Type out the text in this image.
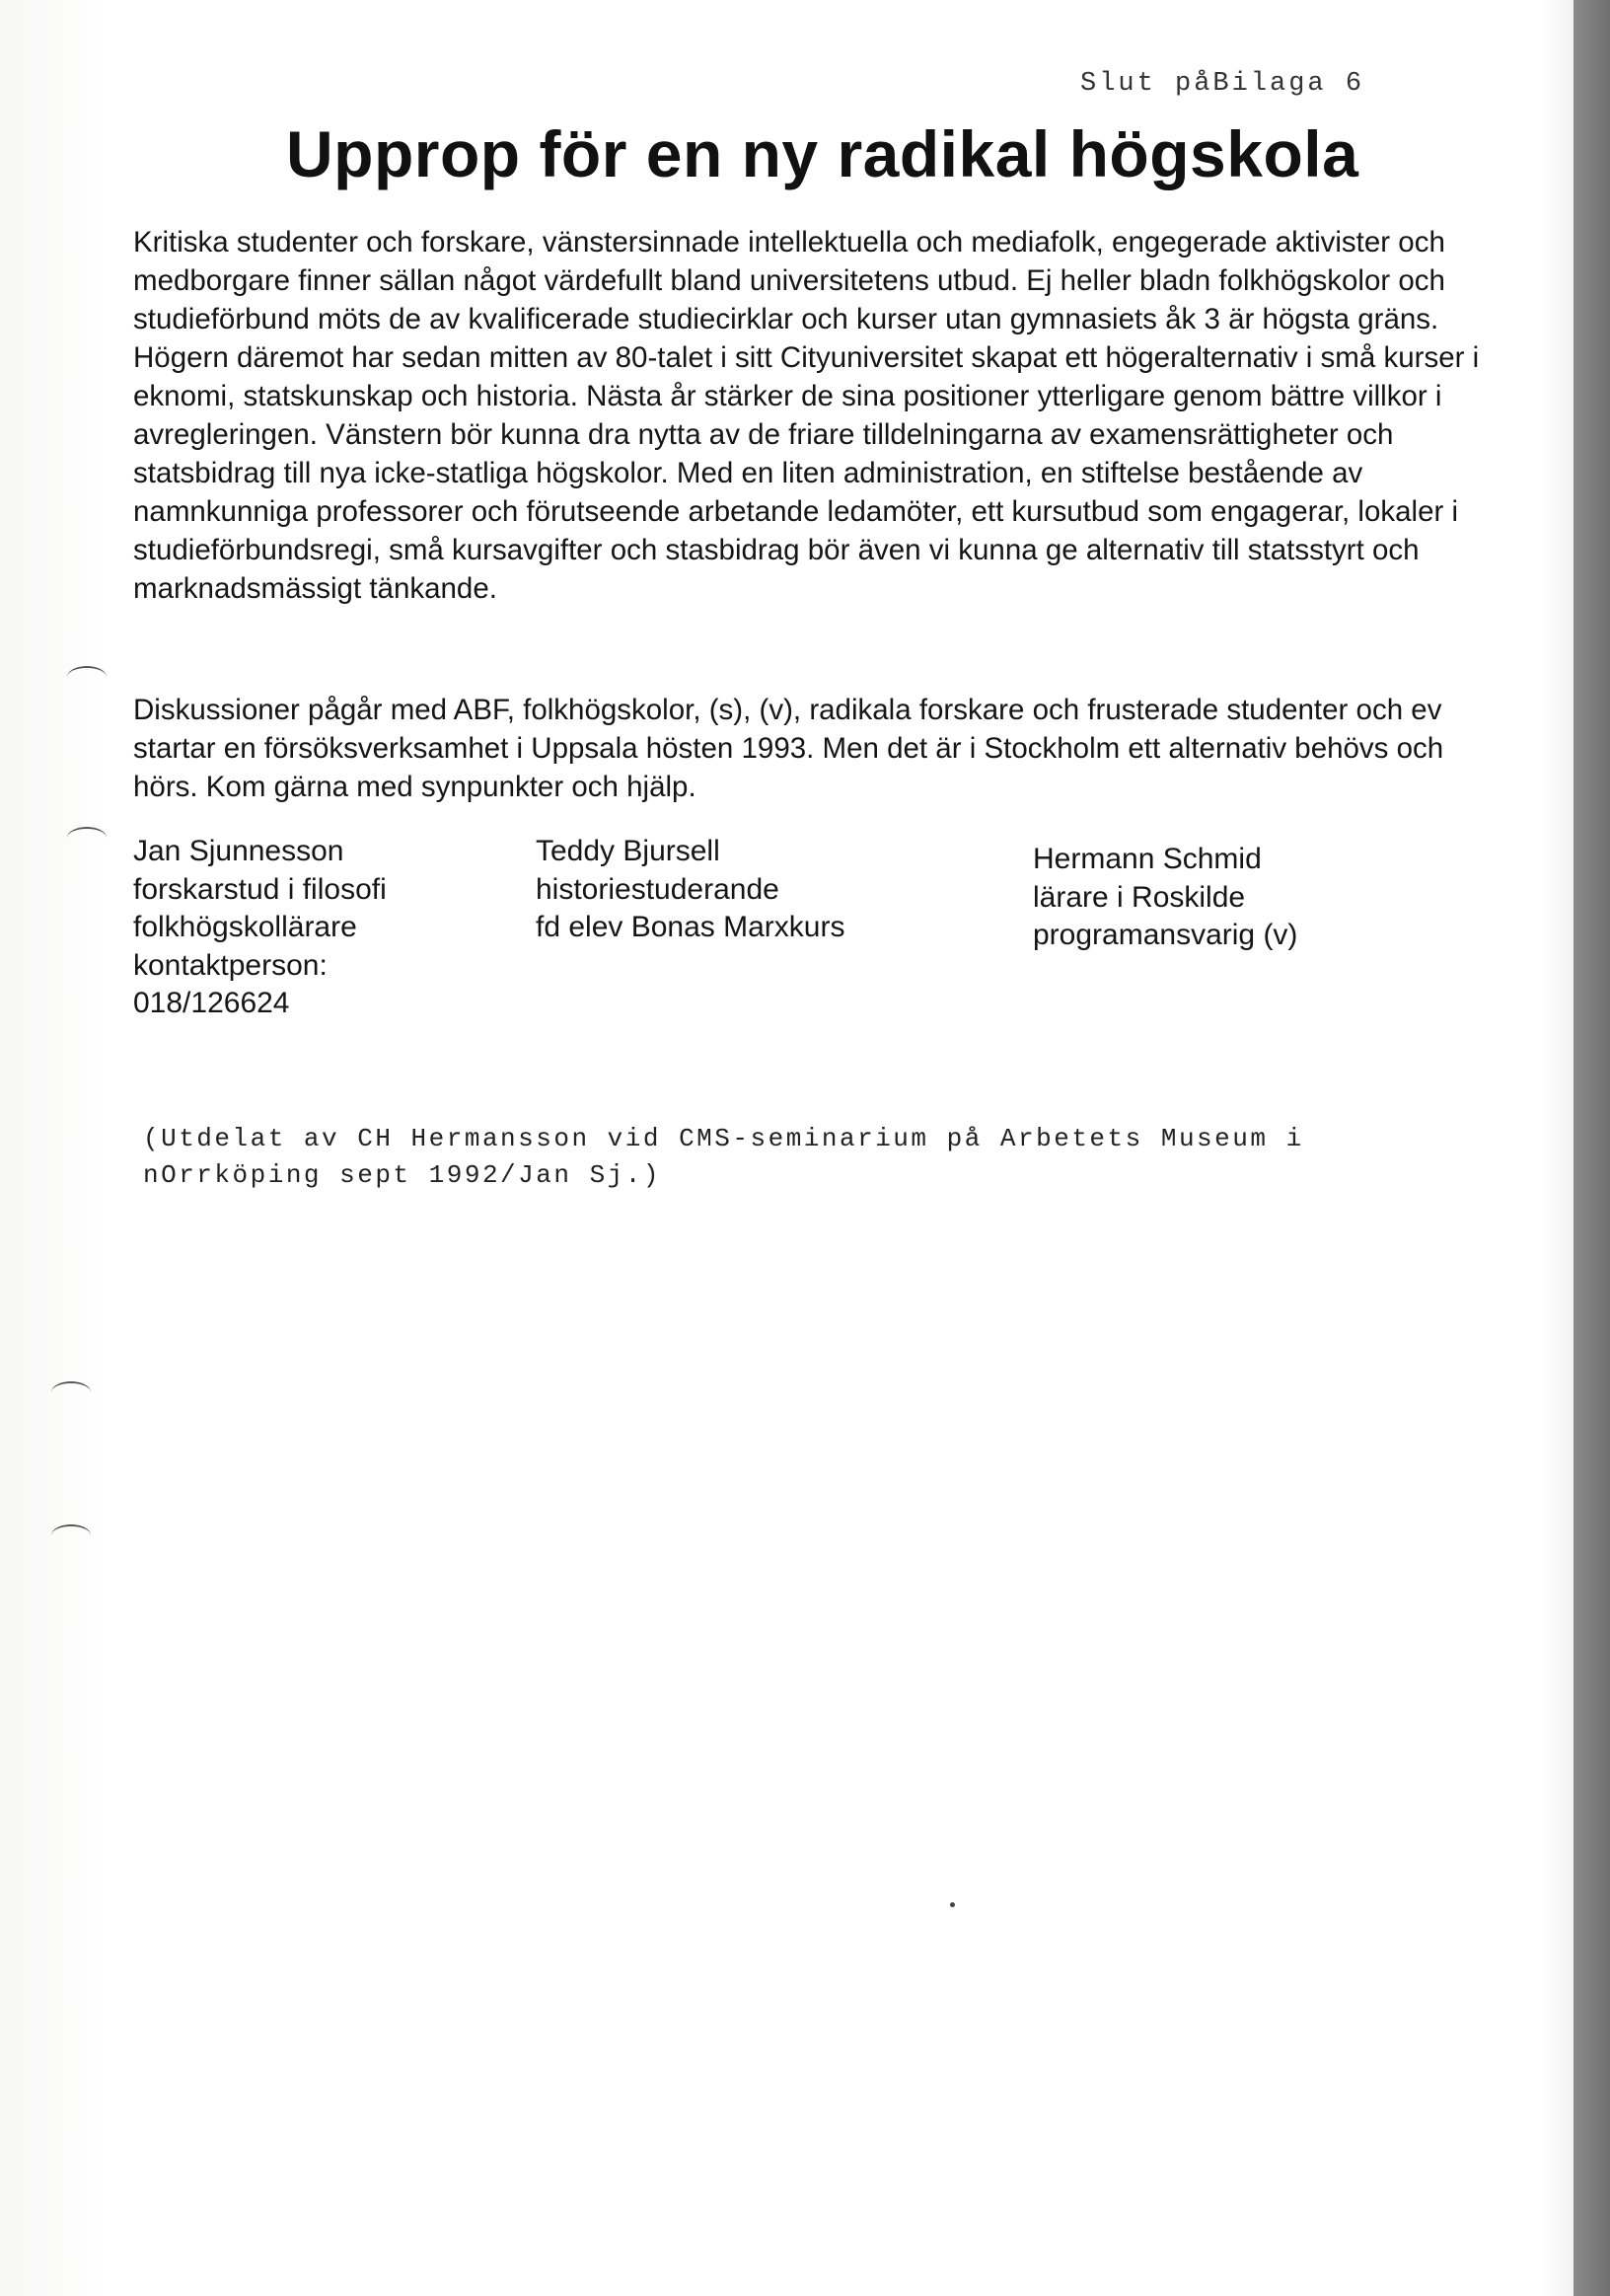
Slut påBilaga 6
Upprop för en ny radikal högskola

Kritiska studenter och forskare, vänstersinnade intellektuella och mediafolk, engegerade aktivister och medborgare finner sällan något värdefullt bland universitetens utbud. Ej heller bladn folkhögskolor och studieförbund möts de av kvalificerade studiecirklar och kurser utan gymnasiets åk 3 är högsta gräns. Högern däremot har sedan mitten av 80-talet i sitt Cityuniversitet skapat ett högeralternativ i små kurser i eknomi, statskunskap och historia. Nästa år stärker de sina positioner ytterligare genom bättre villkor i avregleringen. Vänstern bör kunna dra nytta av de friare tilldelningarna av examensrättigheter och statsbidrag till nya icke-statliga högskolor. Med en liten administration, en stiftelse bestående av namnkunniga professorer och förutseende arbetande ledamöter, ett kursutbud som engagerar, lokaler i studieförbundsregi, små kursavgifter och stasbidrag bör även vi kunna ge alternativ till statsstyrt och marknadsmässigt tänkande.

Diskussioner pågår med ABF, folkhögskolor, (s), (v), radikala forskare och frusterade studenter och ev startar en försöksverksamhet i Uppsala hösten 1993. Men det är i Stockholm ett alternativ behövs och hörs. Kom gärna med synpunkter och hjälp.

Jan Sjunnesson
forskarstud i filosofi
folkhögskollärare
kontaktperson:
018/126624
Teddy Bjursell
historiestuderande
fd elev Bonas Marxkurs
Hermann Schmid
lärare i Roskilde
programansvarig (v)

(Utdelat av CH Hermansson vid CMS-seminarium på Arbetets Museum i nOrrköping sept 1992/Jan Sj.)
